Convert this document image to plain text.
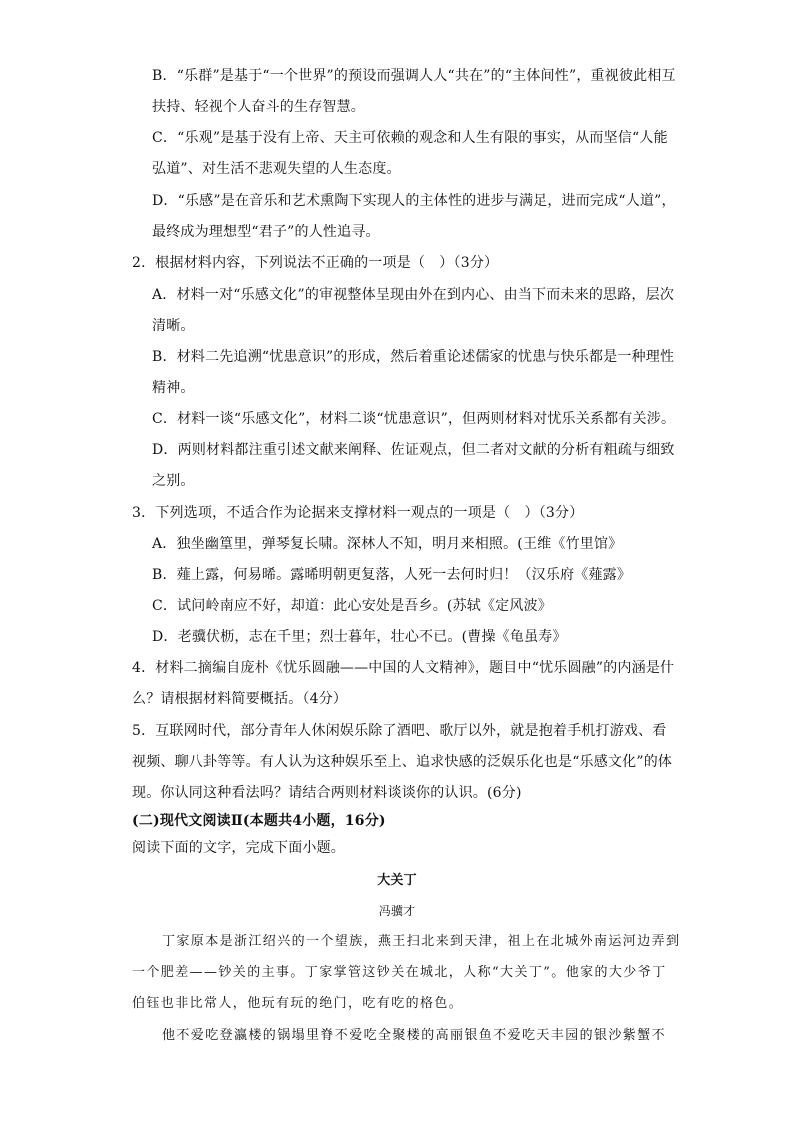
B．“乐群”是基于“一个世界”的预设而强调人人“共在”的“主体间性”，重视彼此相互
扶持、轻视个人奋斗的生存智慧。
C．“乐观”是基于没有上帝、天主可依赖的观念和人生有限的事实，从而坚信“人能
弘道”、对生活不悲观失望的人生态度。
D．“乐感”是在音乐和艺术熏陶下实现人的主体性的进步与满足，进而完成“人道”，
最终成为理想型“君子”的人性追寻。
2．根据材料内容，下列说法不正确的一项是（　）（3分）
A．材料一对“乐感文化”的审视整体呈现由外在到内心、由当下而未来的思路，层次
清晰。
B．材料二先追溯“忧患意识”的形成，然后着重论述儒家的忧患与快乐都是一种理性
精神。
C．材料一谈“乐感文化”，材料二谈“忧患意识”，但两则材料对忧乐关系都有关涉。
D．两则材料都注重引述文献来阐释、佐证观点，但二者对文献的分析有粗疏与细致
之别。
3．下列选项，不适合作为论据来支撑材料一观点的一项是（　）（3分）
A．独坐幽篁里，弹琴复长啸。深林人不知，明月来相照。(王维《竹里馆》
B．薤上露，何易晞。露晞明朝更复落，人死一去何时归！（汉乐府《薤露》
C．试问岭南应不好，却道：此心安处是吾乡。(苏轼《定风波》
D．老骥伏枥，志在千里；烈士暮年，壮心不已。(曹操《龟虽寿》
4．材料二摘编自庞朴《忧乐圆融——中国的人文精神》，题目中“忧乐圆融”的内涵是什
么？请根据材料简要概括。（4分）
5．互联网时代，部分青年人休闲娱乐除了酒吧、歌厅以外，就是抱着手机打游戏、看
视频、聊八卦等等。有人认为这种娱乐至上、追求快感的泛娱乐化也是“乐感文化”的体
现。你认同这种看法吗？请结合两则材料谈谈你的认识。(6分)
(二)现代文阅读Ⅱ(本题共4小题，16分)
阅读下面的文字，完成下面小题。
大关丁
冯骥才
丁家原本是浙江绍兴的一个望族，燕王扫北来到天津，祖上在北城外南运河边弄到
一个肥差——钞关的主事。丁家掌管这钞关在城北，人称“大关丁”。他家的大少爷丁
伯钰也非比常人，他玩有玩的绝门，吃有吃的格色。
他不爱吃登瀛楼的锅塌里脊不爱吃全聚楼的高丽银鱼不爱吃天丰园的银沙紫蟹不
